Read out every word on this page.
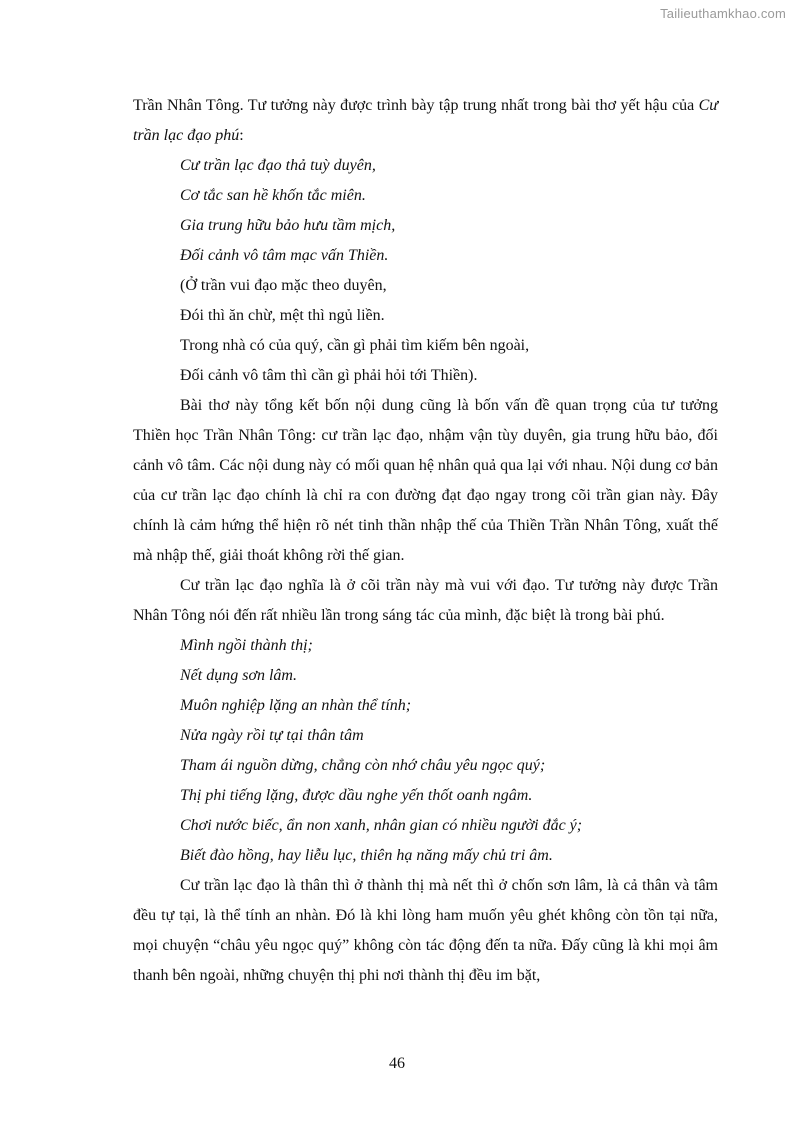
Tailieuthamkhao.com

Trần Nhân Tông. Tư tưởng này được trình bày tập trung nhất trong bài thơ yết hậu của Cư trần lạc đạo phú:

Cư trần lạc đạo thả tuỳ duyên,
Cơ tắc san hề khốn tắc miên.
Gia trung hữu bảo hưu tầm mịch,
Đối cảnh vô tâm mạc vấn Thiền.
(Ở trần vui đạo mặc theo duyên,
Đói thì ăn chừ, mệt thì ngủ liền.
Trong nhà có của quý, cần gì phải tìm kiếm bên ngoài,
Đối cảnh vô tâm thì cần gì phải hỏi tới Thiền).

Bài thơ này tổng kết bốn nội dung cũng là bốn vấn đề quan trọng của tư tưởng Thiền học Trần Nhân Tông: cư trần lạc đạo, nhậm vận tùy duyên, gia trung hữu bảo, đối cảnh vô tâm. Các nội dung này có mối quan hệ nhân quả qua lại với nhau. Nội dung cơ bản của cư trần lạc đạo chính là chỉ ra con đường đạt đạo ngay trong cõi trần gian này. Đây chính là cảm hứng thể hiện rõ nét tinh thần nhập thế của Thiền Trần Nhân Tông, xuất thế mà nhập thế, giải thoát không rời thế gian.

Cư trần lạc đạo nghĩa là ở cõi trần này mà vui với đạo. Tư tưởng này được Trần Nhân Tông nói đến rất nhiều lần trong sáng tác của mình, đặc biệt là trong bài phú.

Mình ngồi thành thị;
Nết dụng sơn lâm.
Muôn nghiệp lặng an nhàn thể tính;
Nửa ngày rồi tự tại thân tâm
Tham ái nguồn dừng, chẳng còn nhớ châu yêu ngọc quý;
Thị phi tiếng lặng, được dầu nghe yến thốt oanh ngâm.
Chơi nước biếc, ẩn non xanh, nhân gian có nhiều người đắc ý;
Biết đào hồng, hay liễu lục, thiên hạ năng mấy chủ tri âm.

Cư trần lạc đạo là thân thì ở thành thị mà nết thì ở chốn sơn lâm, là cả thân và tâm đều tự tại, là thể tính an nhàn. Đó là khi lòng ham muốn yêu ghét không còn tồn tại nữa, mọi chuyện “châu yêu ngọc quý” không còn tác động đến ta nữa. Đấy cũng là khi mọi âm thanh bên ngoài, những chuyện thị phi nơi thành thị đều im bặt,

46
